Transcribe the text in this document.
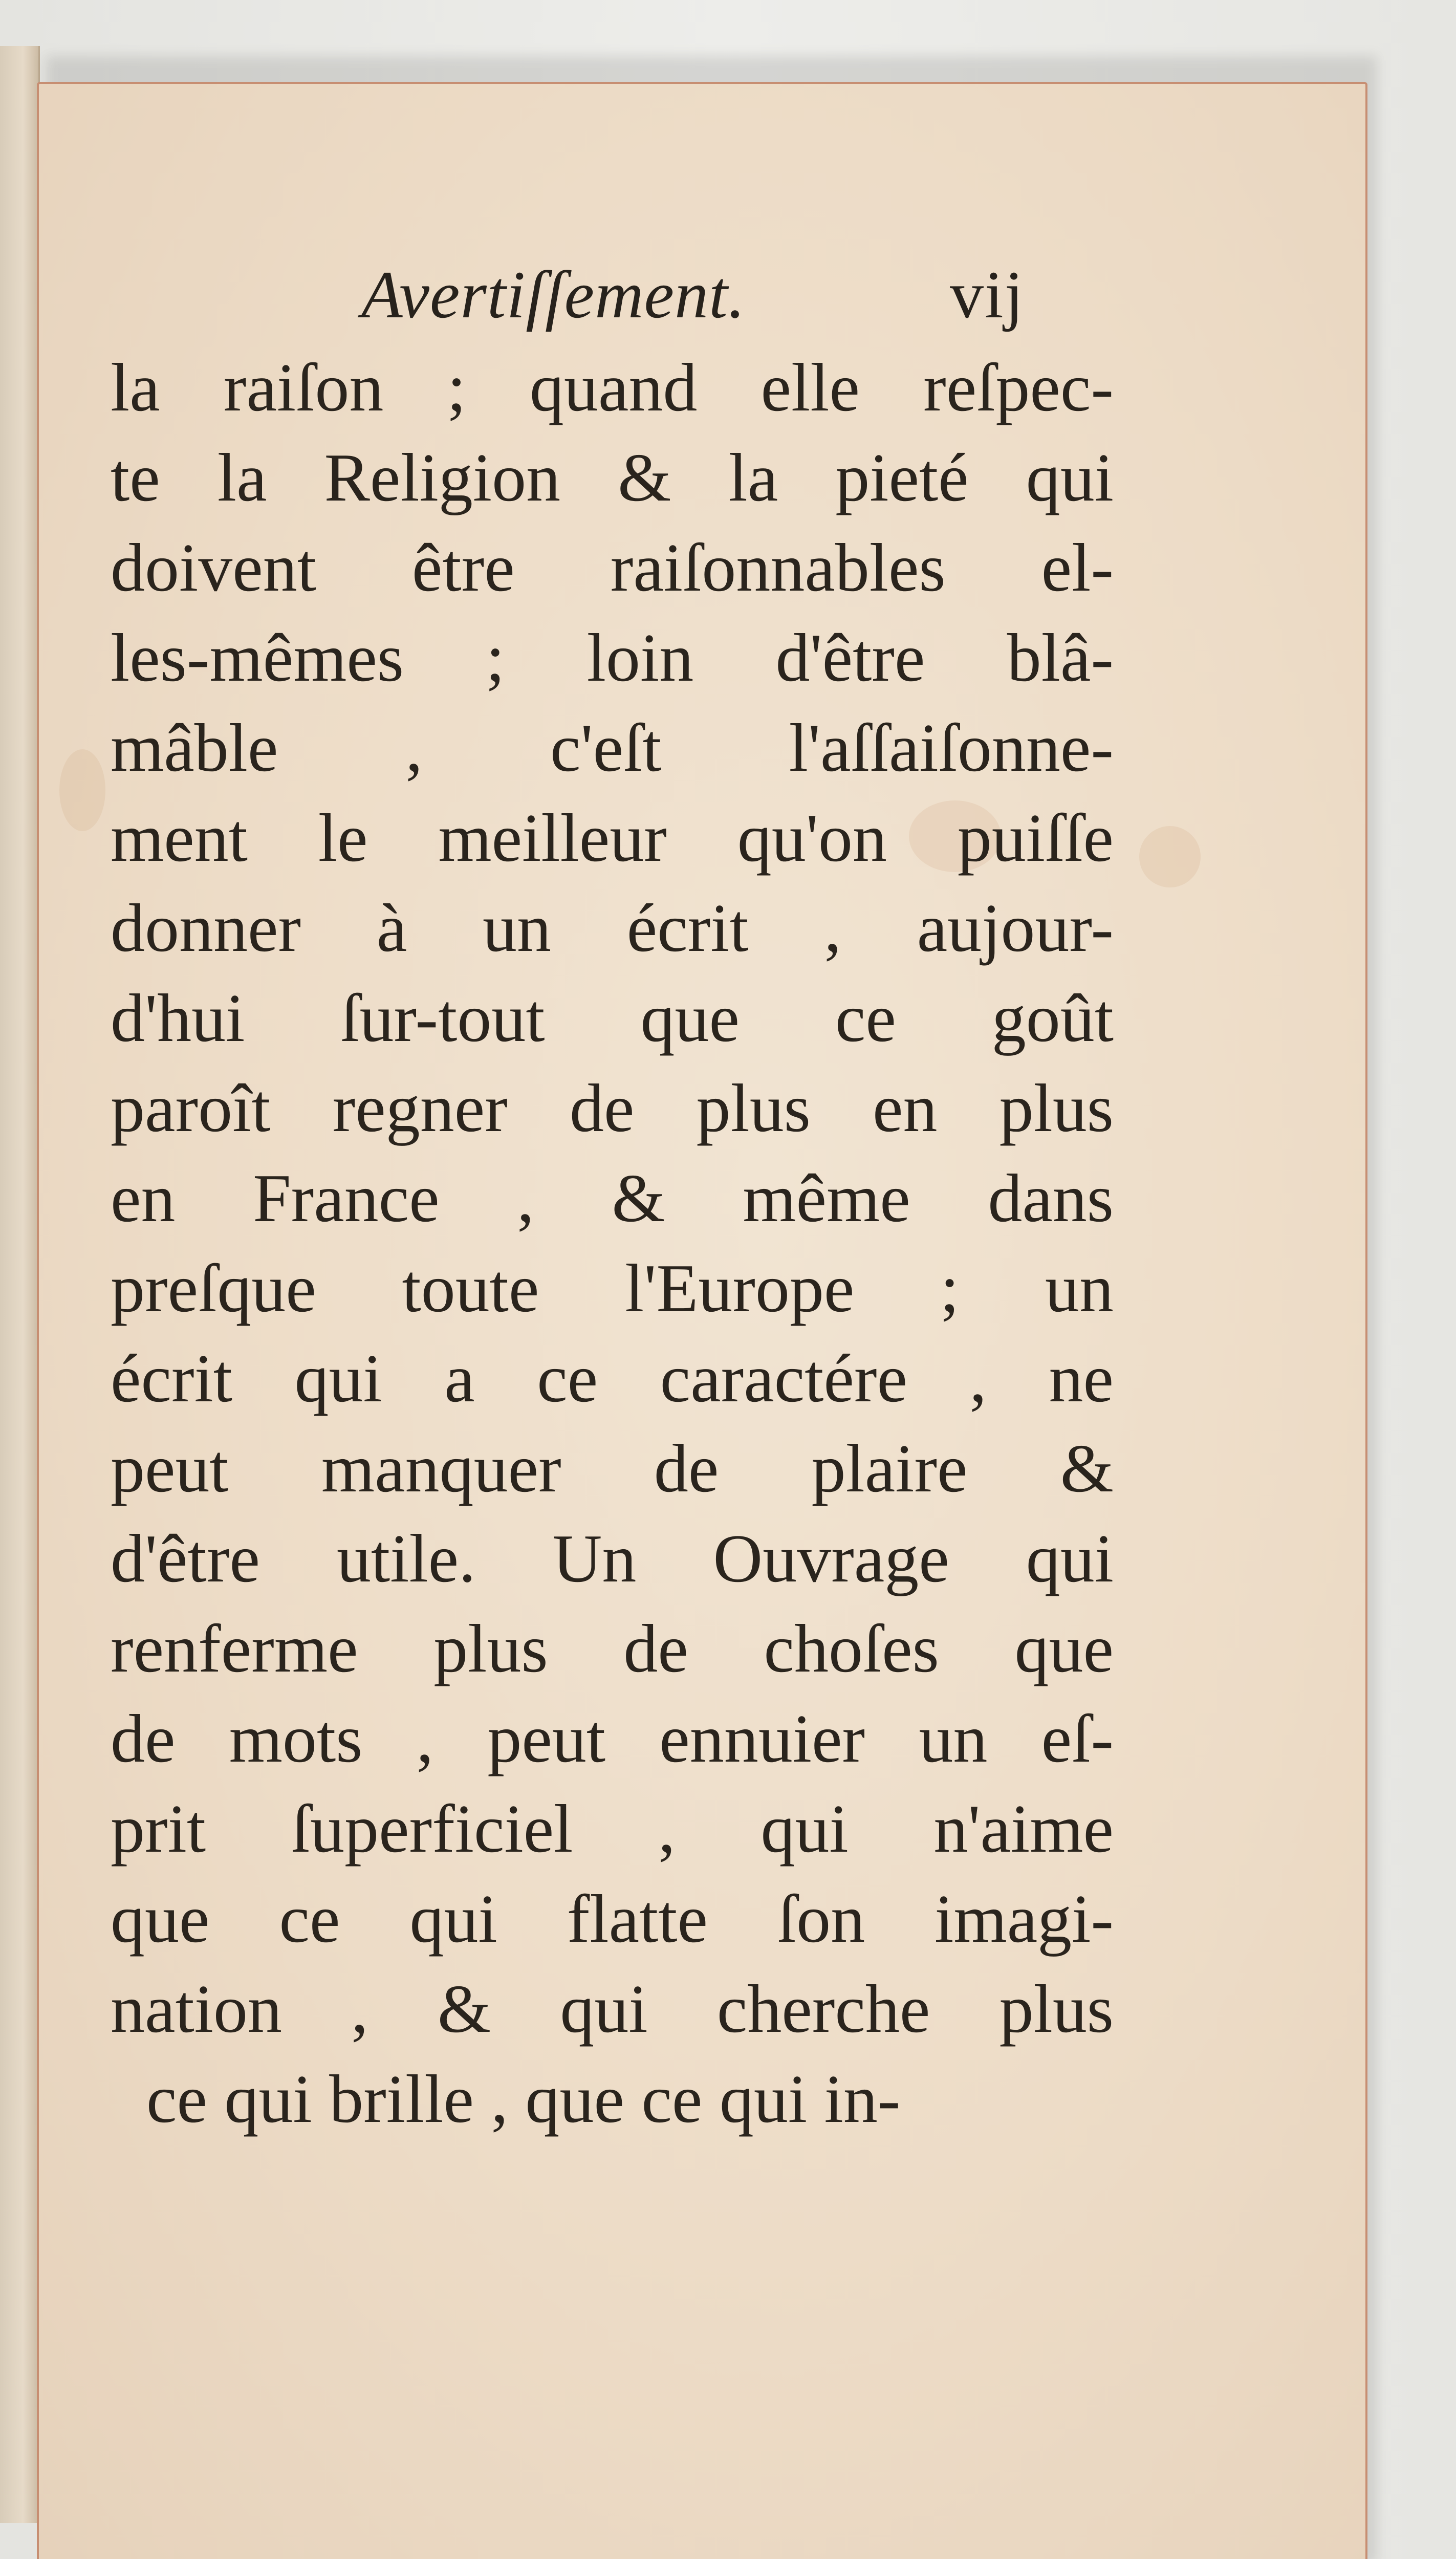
Avertiſſement.	vij
la raiſon ; quand elle reſpec-
te la Religion & la pieté qui
doivent être raiſonnables el-
les-mêmes ; loin d'être blâ-
mâble , c'eſt l'aſſaiſonne-
ment le meilleur qu'on puiſſe
donner à un écrit , aujour-
d'hui ſur-tout que ce goût
paroît regner de plus en plus
en France , & même dans
preſque toute l'Europe ; un
écrit qui a ce caractére , ne
peut manquer de plaire &
d'être utile. Un Ouvrage qui
renferme plus de choſes que
de mots , peut ennuier un eſ-
prit ſuperficiel , qui n'aime
que ce qui flatte ſon imagi-
nation , & qui cherche plus
ce qui brille , que ce qui in-
